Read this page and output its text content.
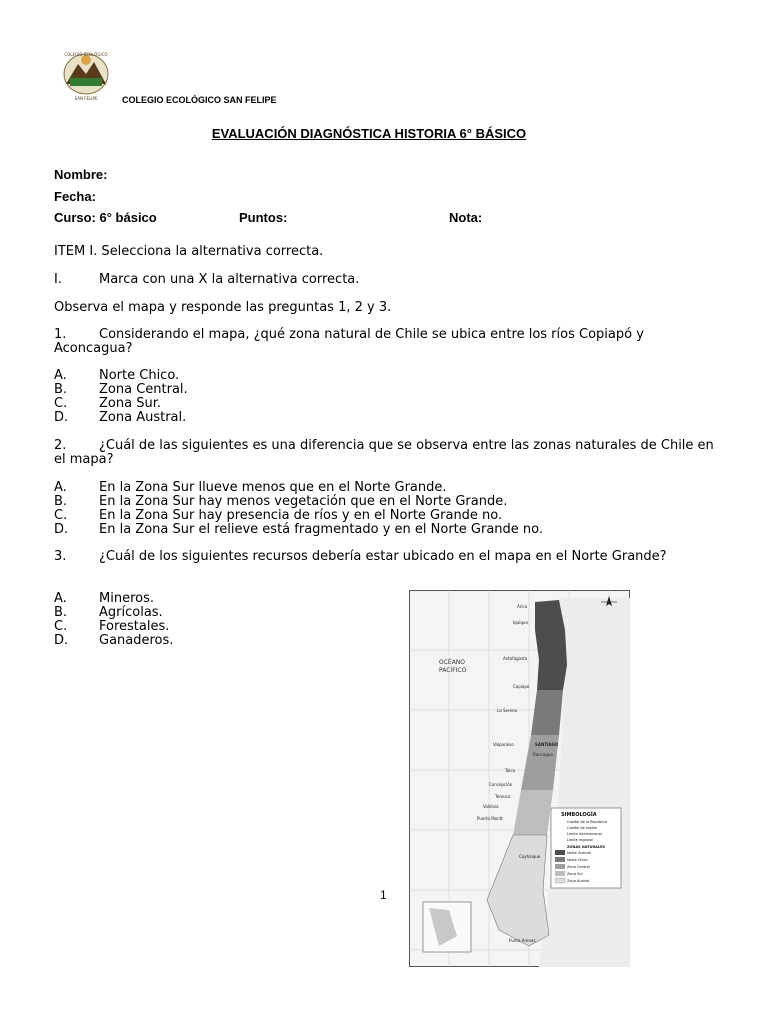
COLEGIO ECOLÓGICO
SAN FELIPE	COLEGIO ECOLÓGICO SAN FELIPE
EVALUACIÓN DIAGNÓSTICA HISTORIA 6° BÁSICO
Nombre:
Fecha:
Curso: 6° básico	Puntos:	Nota:
ITEM I. Selecciona la alternativa correcta.
I.	Marca con una X la alternativa correcta.
Observa el mapa y responde las preguntas 1, 2 y 3.
1.	Considerando el mapa, ¿qué zona natural de Chile se ubica entre los ríos Copiapó y Aconcagua?
A. Norte Chico.
B. Zona Central.
C. Zona Sur.
D. Zona Austral.
2.	¿Cuál de las siguientes es una diferencia que se observa entre las zonas naturales de Chile en el mapa?
A. En la Zona Sur llueve menos que en el Norte Grande.
B. En la Zona Sur hay menos vegetación que en el Norte Grande.
C. En la Zona Sur hay presencia de ríos y en el Norte Grande no.
D. En la Zona Sur el relieve está fragmentado y en el Norte Grande no.
3.	¿Cuál de los siguientes recursos debería estar ubicado en el mapa en el Norte Grande?
A. Mineros.
B. Agrícolas.
C. Forestales.
D. Ganaderos.
1
OCÉANO
PACÍFICO
Arica
Iquique
Antofagasta
Copiapó
La Serena
Valparaíso	SANTIAGO
Rancagua
Talca
Concepción
Temuco
Valdivia
Puerto Montt
Coyhaique
Punta Arenas
SIMBOLOGÍA
Capital de la República
Capital de región
Límite internacional
Límite regional
ZONAS NATURALES
Norte Grande
Norte Chico
Zona Central
Zona Sur
Zona Austral
